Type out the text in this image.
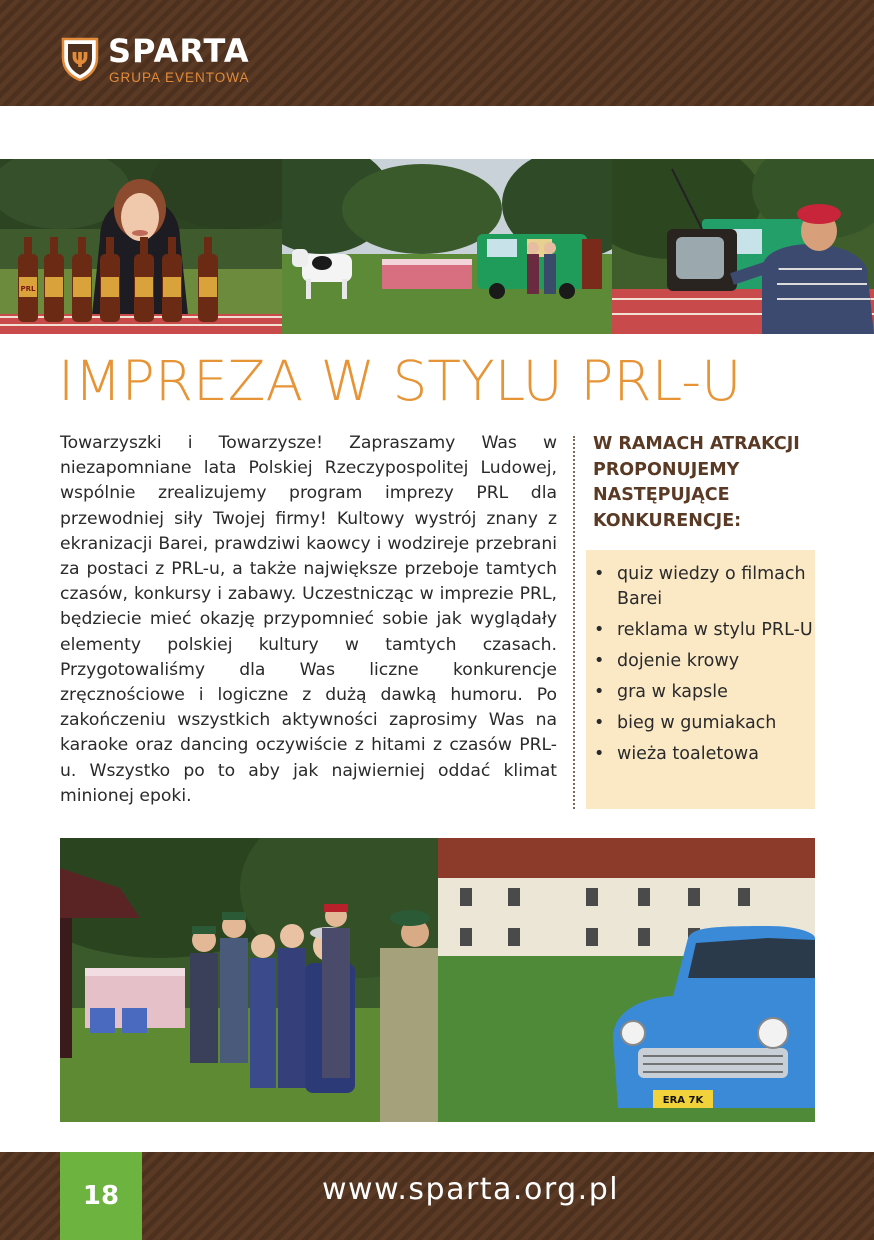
Ψ SPARTA
GRUPA EVENTOWA
PRL
IMPREZA W STYLU PRL-U

Towarzyszki i Towarzysze! Zapraszamy Was w niezapomniane lata Polskiej Rzeczypospolitej Ludowej, wspólnie zrealizujemy program imprezy PRL dla przewodniej siły Twojej firmy! Kultowy wystrój znany z ekranizacji Barei, prawdziwi kaowcy i wodzireje przebrani za postaci z PRL-u, a także największe przeboje tamtych czasów, konkursy i zabawy. Uczestnicząc w imprezie PRL, będziecie mieć okazję przypomnieć sobie jak wyglądały elementy polskiej kultury w tamtych czasach. Przygotowaliśmy dla Was liczne konkurencje zręcznościowe i logiczne z dużą dawką humoru. Po zakończeniu wszystkich aktywności zaprosimy Was na karaoke oraz dancing oczywiście z hitami z czasów PRL-u. Wszystko po to aby jak najwierniej oddać klimat minionej epoki.

W RAMACH ATRAKCJI PROPONUJEMY NASTĘPUJĄCE KONKURENCJE:
• quiz wiedzy o filmach Barei
• reklama w stylu PRL-U
• dojenie krowy
• gra w kapsle
• bieg w gumiakach
• wieża toaletowa
ERA 7K
18	www.sparta.org.pl
